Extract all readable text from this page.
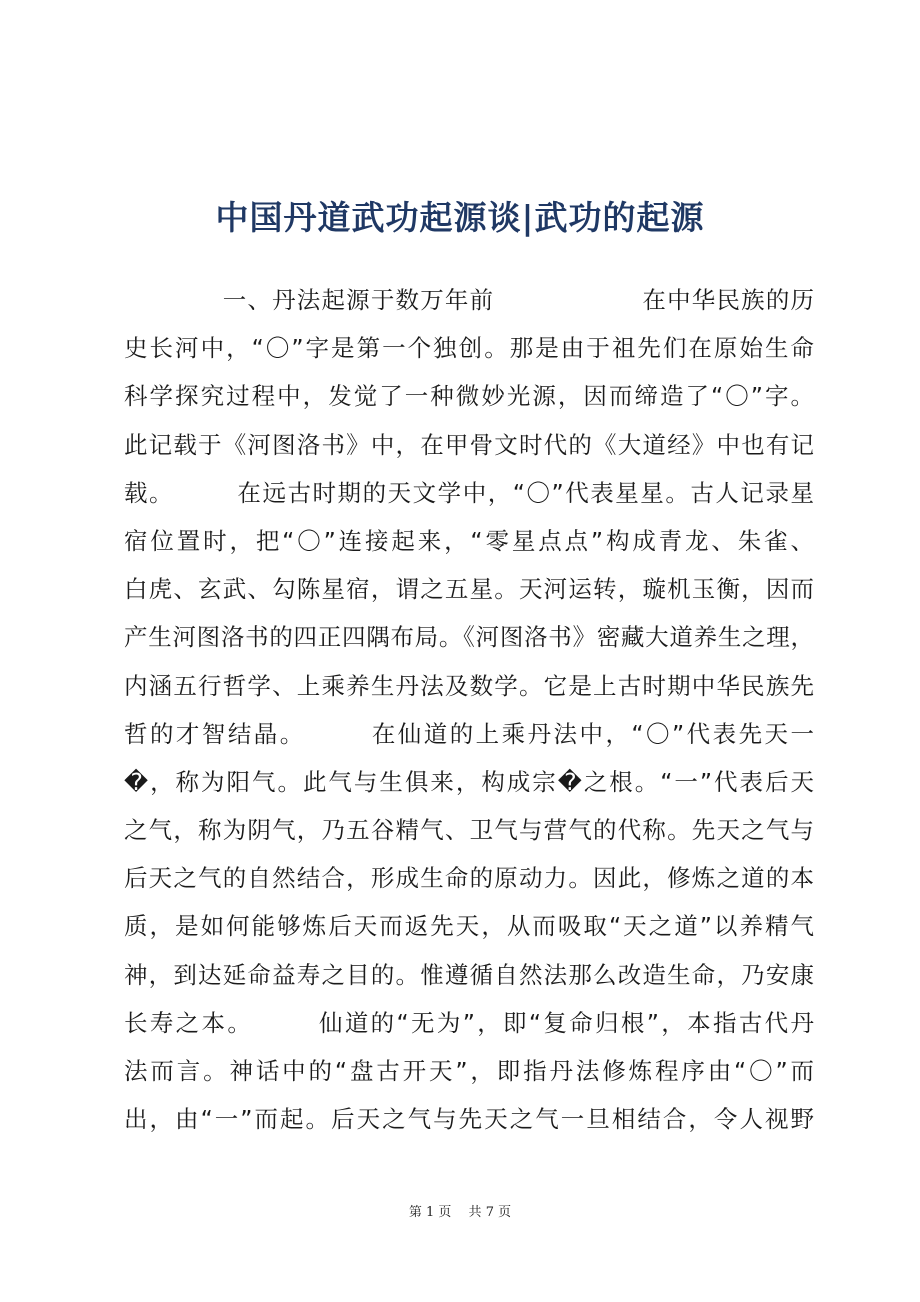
中国丹道武功起源谈|武功的起源
　　　　一、丹法起源于数万年前　　　　　　在中华民族的历
史长河中，“〇”字是第一个独创。那是由于祖先们在原始生命
科学探究过程中，发觉了一种微妙光源，因而缔造了“〇”字。
此记载于《河图洛书》中，在甲骨文时代的《大道经》中也有记
载。　　　在远古时期的天文学中，“〇”代表星星。古人记录星
宿位置时，把“〇”连接起来，“零星点点”构成青龙、朱雀、
白虎、玄武、勾陈星宿，谓之五星。天河运转，璇机玉衡，因而
产生河图洛书的四正四隅布局。《河图洛书》密藏大道养生之理，
内涵五行哲学、上乘养生丹法及数学。它是上古时期中华民族先
哲的才智结晶。　　　在仙道的上乘丹法中，“〇”代表先天一
�，称为阳气。此气与生俱来，构成宗�之根。“一”代表后天
之气，称为阴气，乃五谷精气、卫气与营气的代称。先天之气与
后天之气的自然结合，形成生命的原动力。因此，修炼之道的本
质，是如何能够炼后天而返先天，从而吸取“天之道”以养精气
神，到达延命益寿之目的。惟遵循自然法那么改造生命，乃安康
长寿之本。　　　仙道的“无为”，即“复命归根”，本指古代丹
法而言。神话中的“盘古开天”，即指丹法修炼程序由“〇”而
出，由“一”而起。后天之气与先天之气一旦相结合，令人视野
第 1 页　 共 7 页
